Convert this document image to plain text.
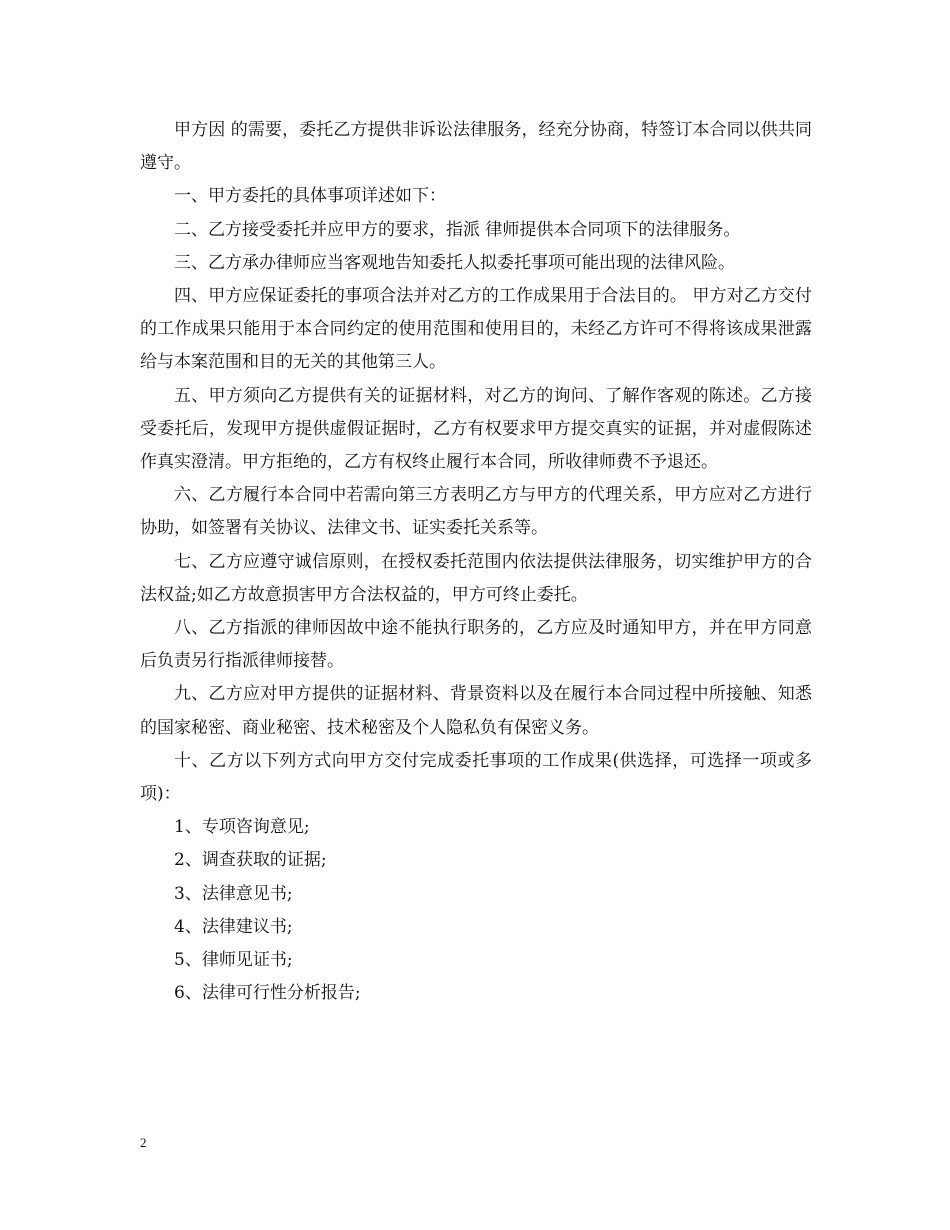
甲方因 的需要，委托乙方提供非诉讼法律服务，经充分协商，特签订本合同以供共同遵守。

一、甲方委托的具体事项详述如下：

二、乙方接受委托并应甲方的要求，指派 律师提供本合同项下的法律服务。

三、乙方承办律师应当客观地告知委托人拟委托事项可能出现的法律风险。

四、甲方应保证委托的事项合法并对乙方的工作成果用于合法目的。 甲方对乙方交付的工作成果只能用于本合同约定的使用范围和使用目的，未经乙方许可不得将该成果泄露给与本案范围和目的无关的其他第三人。

五、甲方须向乙方提供有关的证据材料，对乙方的询问、了解作客观的陈述。乙方接受委托后，发现甲方提供虚假证据时，乙方有权要求甲方提交真实的证据，并对虚假陈述作真实澄清。甲方拒绝的，乙方有权终止履行本合同，所收律师费不予退还。

六、乙方履行本合同中若需向第三方表明乙方与甲方的代理关系，甲方应对乙方进行协助，如签署有关协议、法律文书、证实委托关系等。

七、乙方应遵守诚信原则，在授权委托范围内依法提供法律服务，切实维护甲方的合法权益;如乙方故意损害甲方合法权益的，甲方可终止委托。

八、乙方指派的律师因故中途不能执行职务的，乙方应及时通知甲方，并在甲方同意后负责另行指派律师接替。

九、乙方应对甲方提供的证据材料、背景资料以及在履行本合同过程中所接触、知悉的国家秘密、商业秘密、技术秘密及个人隐私负有保密义务。

十、乙方以下列方式向甲方交付完成委托事项的工作成果(供选择，可选择一项或多项)：

1、专项咨询意见;

2、调查获取的证据;

3、法律意见书;

4、法律建议书;

5、律师见证书;

6、法律可行性分析报告;

2
